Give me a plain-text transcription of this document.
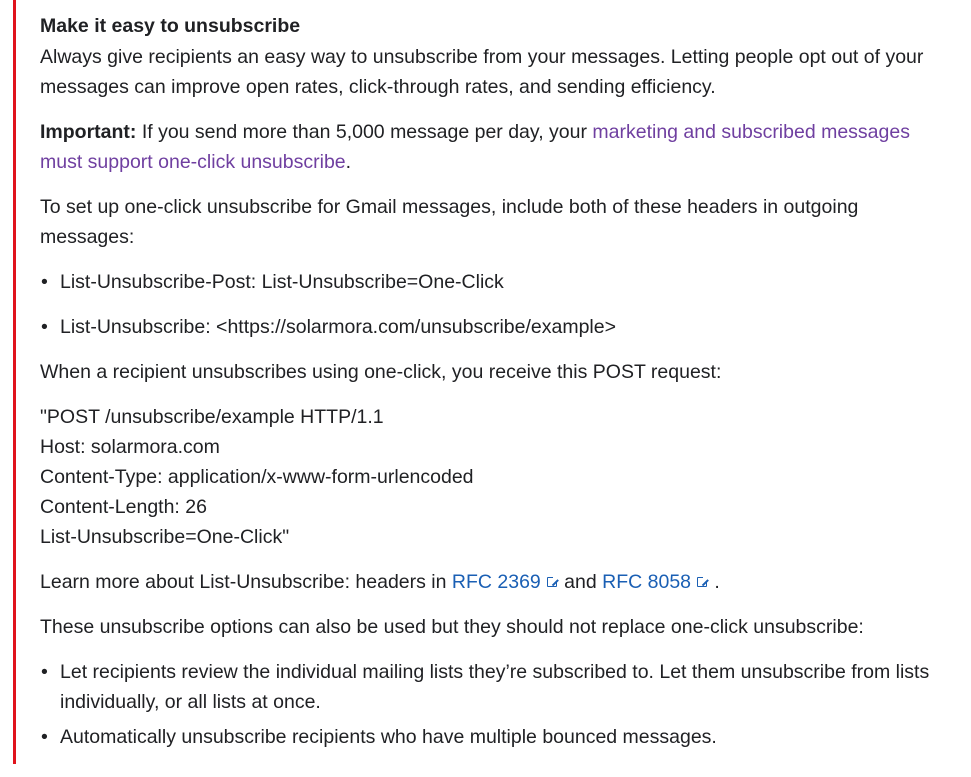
Make it easy to unsubscribe

Always give recipients an easy way to unsubscribe from your messages. Letting people opt out of your messages can improve open rates, click-through rates, and sending efficiency.

Important: If you send more than 5,000 message per day, your marketing and subscribed messages must support one-click unsubscribe.

To set up one-click unsubscribe for Gmail messages, include both of these headers in outgoing messages:

• List-Unsubscribe-Post: List-Unsubscribe=One-Click
• List-Unsubscribe: <https://solarmora.com/unsubscribe/example>

When a recipient unsubscribes using one-click, you receive this POST request:

"POST /unsubscribe/example HTTP/1.1
Host: solarmora.com
Content-Type: application/x-www-form-urlencoded
Content-Length: 26
List-Unsubscribe=One-Click"

Learn more about List-Unsubscribe: headers in RFC 2369 and RFC 8058 .

These unsubscribe options can also be used but they should not replace one-click unsubscribe:

• Let recipients review the individual mailing lists they’re subscribed to. Let them unsubscribe from lists individually, or all lists at once.
• Automatically unsubscribe recipients who have multiple bounced messages.
